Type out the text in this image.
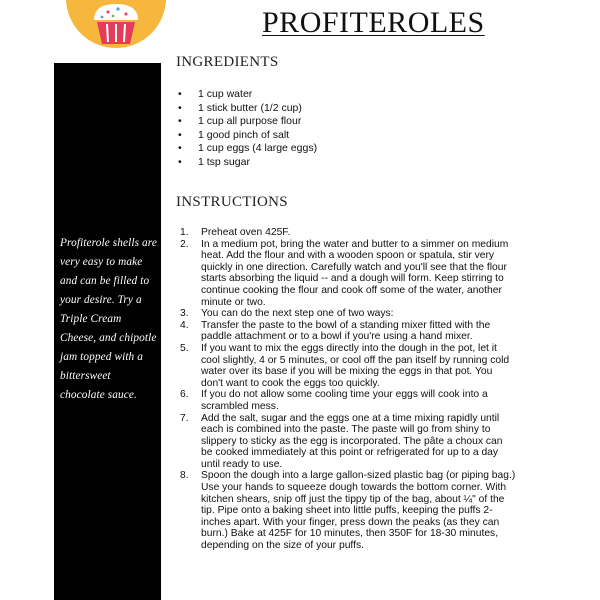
PROFITEROLES
INGREDIENTS
• 1 cup water
• 1 stick butter (1/2 cup)
• 1 cup all purpose flour
• 1 good pinch of salt
• 1 cup eggs (4 large eggs)
• 1 tsp sugar

Profiterole shells are very easy to make and can be filled to your desire. Try a Triple Cream Cheese, and chipotle jam topped with a bittersweet chocolate sauce.

INSTRUCTIONS
1. Preheat oven 425F.
2. In a medium pot, bring the water and butter to a simmer on medium heat. Add the flour and with a wooden spoon or spatula, stir very quickly in one direction. Carefully watch and you'll see that the flour starts absorbing the liquid -- and a dough will form. Keep stirring to continue cooking the flour and cook off some of the water, another minute or two.
3. You can do the next step one of two ways:
4. Transfer the paste to the bowl of a standing mixer fitted with the paddle attachment or to a bowl if you're using a hand mixer.
5. If you want to mix the eggs directly into the dough in the pot, let it cool slightly, 4 or 5 minutes, or cool off the pan itself by running cold water over its base if you will be mixing the eggs in that pot. You don't want to cook the eggs too quickly.
6. If you do not allow some cooling time your eggs will cook into a scrambled mess.
7. Add the salt, sugar and the eggs one at a time mixing rapidly until each is combined into the paste. The paste will go from shiny to slippery to sticky as the egg is incorporated. The pâte a choux can be cooked immediately at this point or refrigerated for up to a day until ready to use.
8. Spoon the dough into a large gallon-sized plastic bag (or piping bag.) Use your hands to squeeze dough towards the bottom corner. With kitchen shears, snip off just the tippy tip of the bag, about ¼" of the tip. Pipe onto a baking sheet into little puffs, keeping the puffs 2-inches apart. With your finger, press down the peaks (as they can burn.) Bake at 425F for 10 minutes, then 350F for 18-30 minutes, depending on the size of your puffs.
